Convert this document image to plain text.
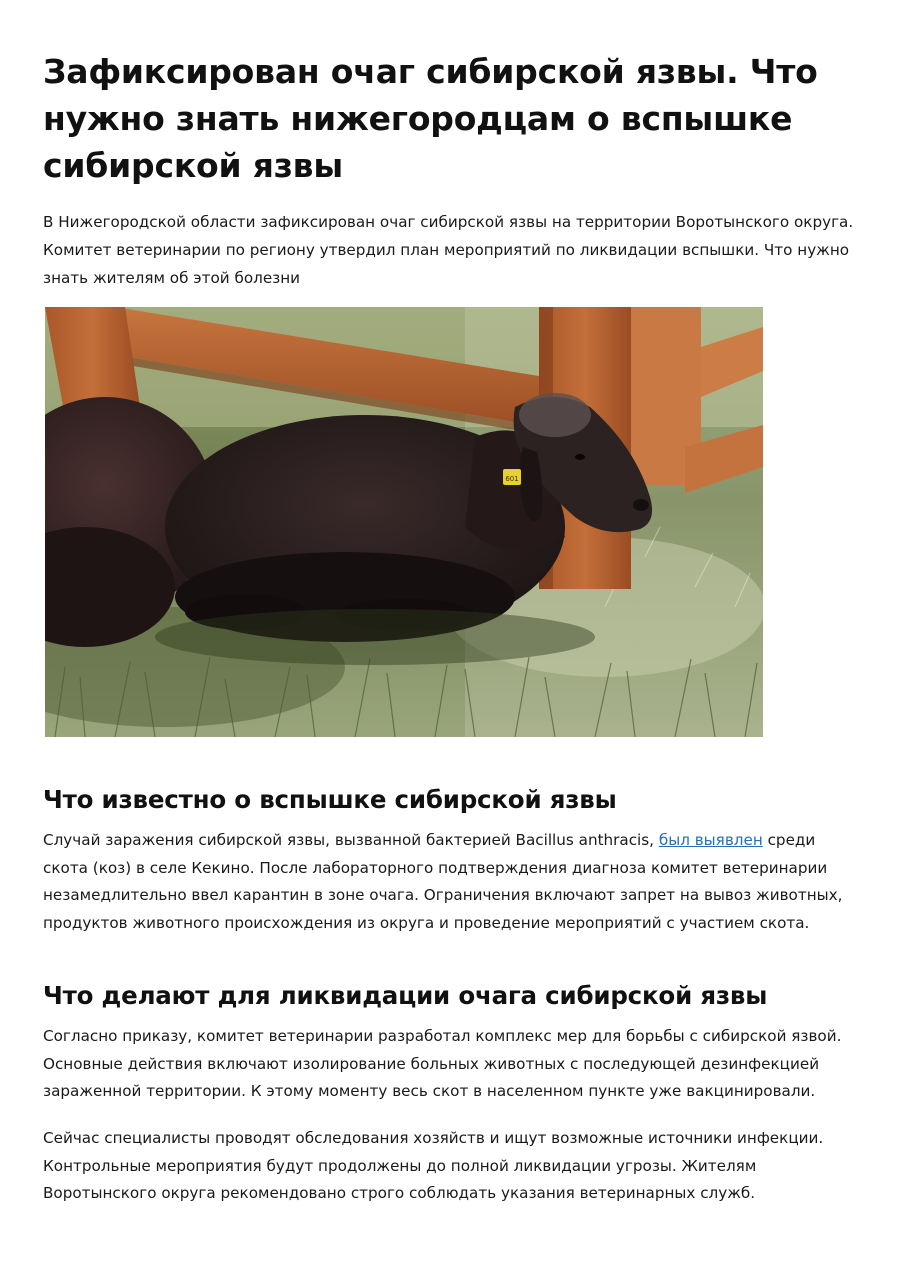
Зафиксирован очаг сибирской язвы. Что нужно знать нижегородцам о вспышке сибирской язвы

В Нижегородской области зафиксирован очаг сибирской язвы на территории Воротынского округа. Комитет ветеринарии по региону утвердил план мероприятий по ликвидации вспышки. Что нужно знать жителям об этой болезни

601
Что известно о вспышке сибирской язвы

Случай заражения сибирской язвы, вызванной бактерией Bacillus anthracis, был выявлен среди скота (коз) в селе Кекино. После лабораторного подтверждения диагноза комитет ветеринарии незамедлительно ввел карантин в зоне очага. Ограничения включают запрет на вывоз животных, продуктов животного происхождения из округа и проведение мероприятий с участием скота.

Что делают для ликвидации очага сибирской язвы

Согласно приказу, комитет ветеринарии разработал комплекс мер для борьбы с сибирской язвой. Основные действия включают изолирование больных животных с последующей дезинфекцией зараженной территории. К этому моменту весь скот в населенном пункте уже вакцинировали.

Сейчас специалисты проводят обследования хозяйств и ищут возможные источники инфекции. Контрольные мероприятия будут продолжены до полной ликвидации угрозы. Жителям Воротынского округа рекомендовано строго соблюдать указания ветеринарных служб.
